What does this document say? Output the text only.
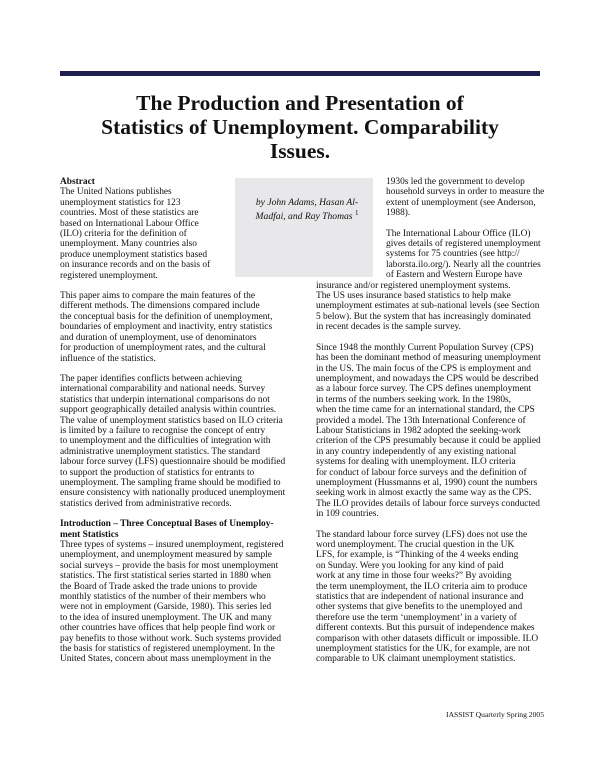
The Production and Presentation of
Statistics of Unemployment. Comparability
Issues.
by John Adams, Hasan Al-
Madfai, and Ray Thomas $^1$

Abstract
The United Nations publishes
unemployment statistics for 123
countries. Most of these statistics are
based on International Labour Office
(ILO) criteria for the definition of
unemployment. Many countries also
produce unemployment statistics based
on insurance records and on the basis of
registered unemployment.

This paper aims to compare the main features of the
different methods. The dimensions compared include
the conceptual basis for the definition of unemployment,
boundaries of employment and inactivity, entry statistics
and duration of unemployment, use of denominators
for production of unemployment rates, and the cultural
influence of the statistics.

The paper identifies conflicts between achieving
international comparability and national needs. Survey
statistics that underpin international comparisons do not
support geographically detailed analysis within countries.
The value of unemployment statistics based on ILO criteria
is limited by a failure to recognise the concept of entry
to unemployment and the difficulties of integration with
administrative unemployment statistics. The standard
labour force survey (LFS) questionnaire should be modified
to support the production of statistics for entrants to
unemployment. The sampling frame should be modified to
ensure consistency with nationally produced unemployment
statistics derived from administrative records.

Introduction – Three Conceptual Bases of Unemploy-
ment Statistics
Three types of systems – insured unemployment, registered
unemployment, and unemployment measured by sample
social surveys – provide the basis for most unemployment
statistics. The first statistical series started in 1880 when
the Board of Trade asked the trade unions to provide
monthly statistics of the number of their members who
were not in employment (Garside, 1980). This series led
to the idea of insured unemployment. The UK and many
other countries have offices that help people find work or
pay benefits to those without work. Such systems provided
the basis for statistics of registered unemployment. In the
United States, concern about mass unemployment in the

1930s led the government to develop
household surveys in order to measure the
extent of unemployment (see Anderson,
1988).

The International Labour Office (ILO)
gives details of registered unemployment
systems for 75 countries (see http://
laborsta.ilo.org/). Nearly all the countries
of Eastern and Western Europe have
insurance and/or registered unemployment systems.
The US uses insurance based statistics to help make
unemployment estimates at sub-national levels (see Section
5 below). But the system that has increasingly dominated
in recent decades is the sample survey.

Since 1948 the monthly Current Population Survey (CPS)
has been the dominant method of measuring unemployment
in the US. The main focus of the CPS is employment and
unemployment, and nowadays the CPS would be described
as a labour force survey. The CPS defines unemployment
in terms of the numbers seeking work. In the 1980s,
when the time came for an international standard, the CPS
provided a model. The 13th International Conference of
Labour Statisticians in 1982 adopted the seeking-work
criterion of the CPS presumably because it could be applied
in any country independently of any existing national
systems for dealing with unemployment. ILO criteria
for conduct of labour force surveys and the definition of
unemployment (Hussmanns et al, 1990) count the numbers
seeking work in almost exactly the same way as the CPS.
The ILO provides details of labour force surveys conducted
in 109 countries.

The standard labour force survey (LFS) does not use the
word unemployment. The crucial question in the UK
LFS, for example, is “Thinking of the 4 weeks ending
on Sunday. Were you looking for any kind of paid
work at any time in those four weeks?” By avoiding
the term unemployment, the ILO criteria aim to produce
statistics that are independent of national insurance and
other systems that give benefits to the unemployed and
therefore use the term ‘unemployment’ in a variety of
different contexts. But this pursuit of independence makes
comparison with other datasets difficult or impossible. ILO
unemployment statistics for the UK, for example, are not
comparable to UK claimant unemployment statistics.

IASSIST Quarterly Spring 2005
